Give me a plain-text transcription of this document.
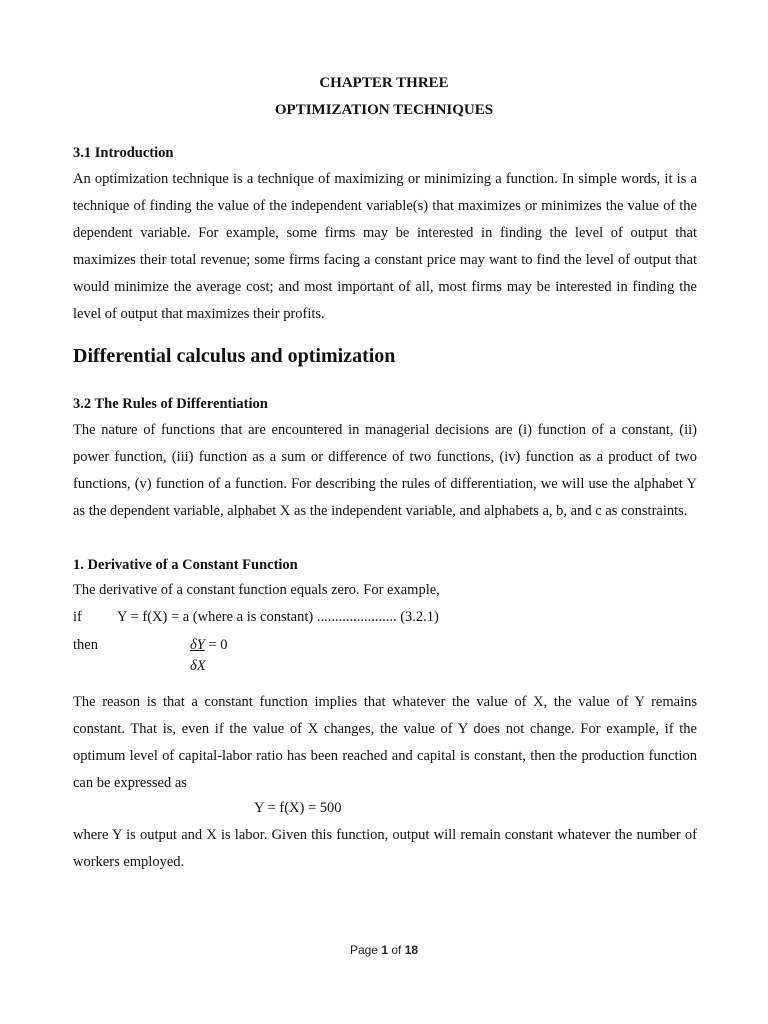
CHAPTER THREE
OPTIMIZATION TECHNIQUES
3.1 Introduction
An optimization technique is a technique of maximizing or minimizing a function. In simple words, it is a technique of finding the value of the independent variable(s) that maximizes or minimizes the value of the dependent variable. For example, some firms may be interested in finding the level of output that maximizes their total revenue; some firms facing a constant price may want to find the level of output that would minimize the average cost; and most important of all, most firms may be interested in finding the level of output that maximizes their profits.
Differential calculus and optimization
3.2 The Rules of Differentiation
The nature of functions that are encountered in managerial decisions are (i) function of a constant, (ii) power function, (iii) function as a sum or difference of two functions, (iv) function as a product of two functions, (v) function of a function. For describing the rules of differentiation, we will use the alphabet Y as the dependent variable, alphabet X as the independent variable, and alphabets a, b, and c as constraints.
1. Derivative of a Constant Function
The derivative of a constant function equals zero. For example,
if Y = f(X) = a (where a is constant) ...................... (3.2.1)
then	δY = 0
δX
The reason is that a constant function implies that whatever the value of X, the value of Y remains constant. That is, even if the value of X changes, the value of Y does not change. For example, if the optimum level of capital-labor ratio has been reached and capital is constant, then the production function can be expressed as
Y = f(X) = 500
where Y is output and X is labor. Given this function, output will remain constant whatever the number of workers employed.
Page 1 of 18
